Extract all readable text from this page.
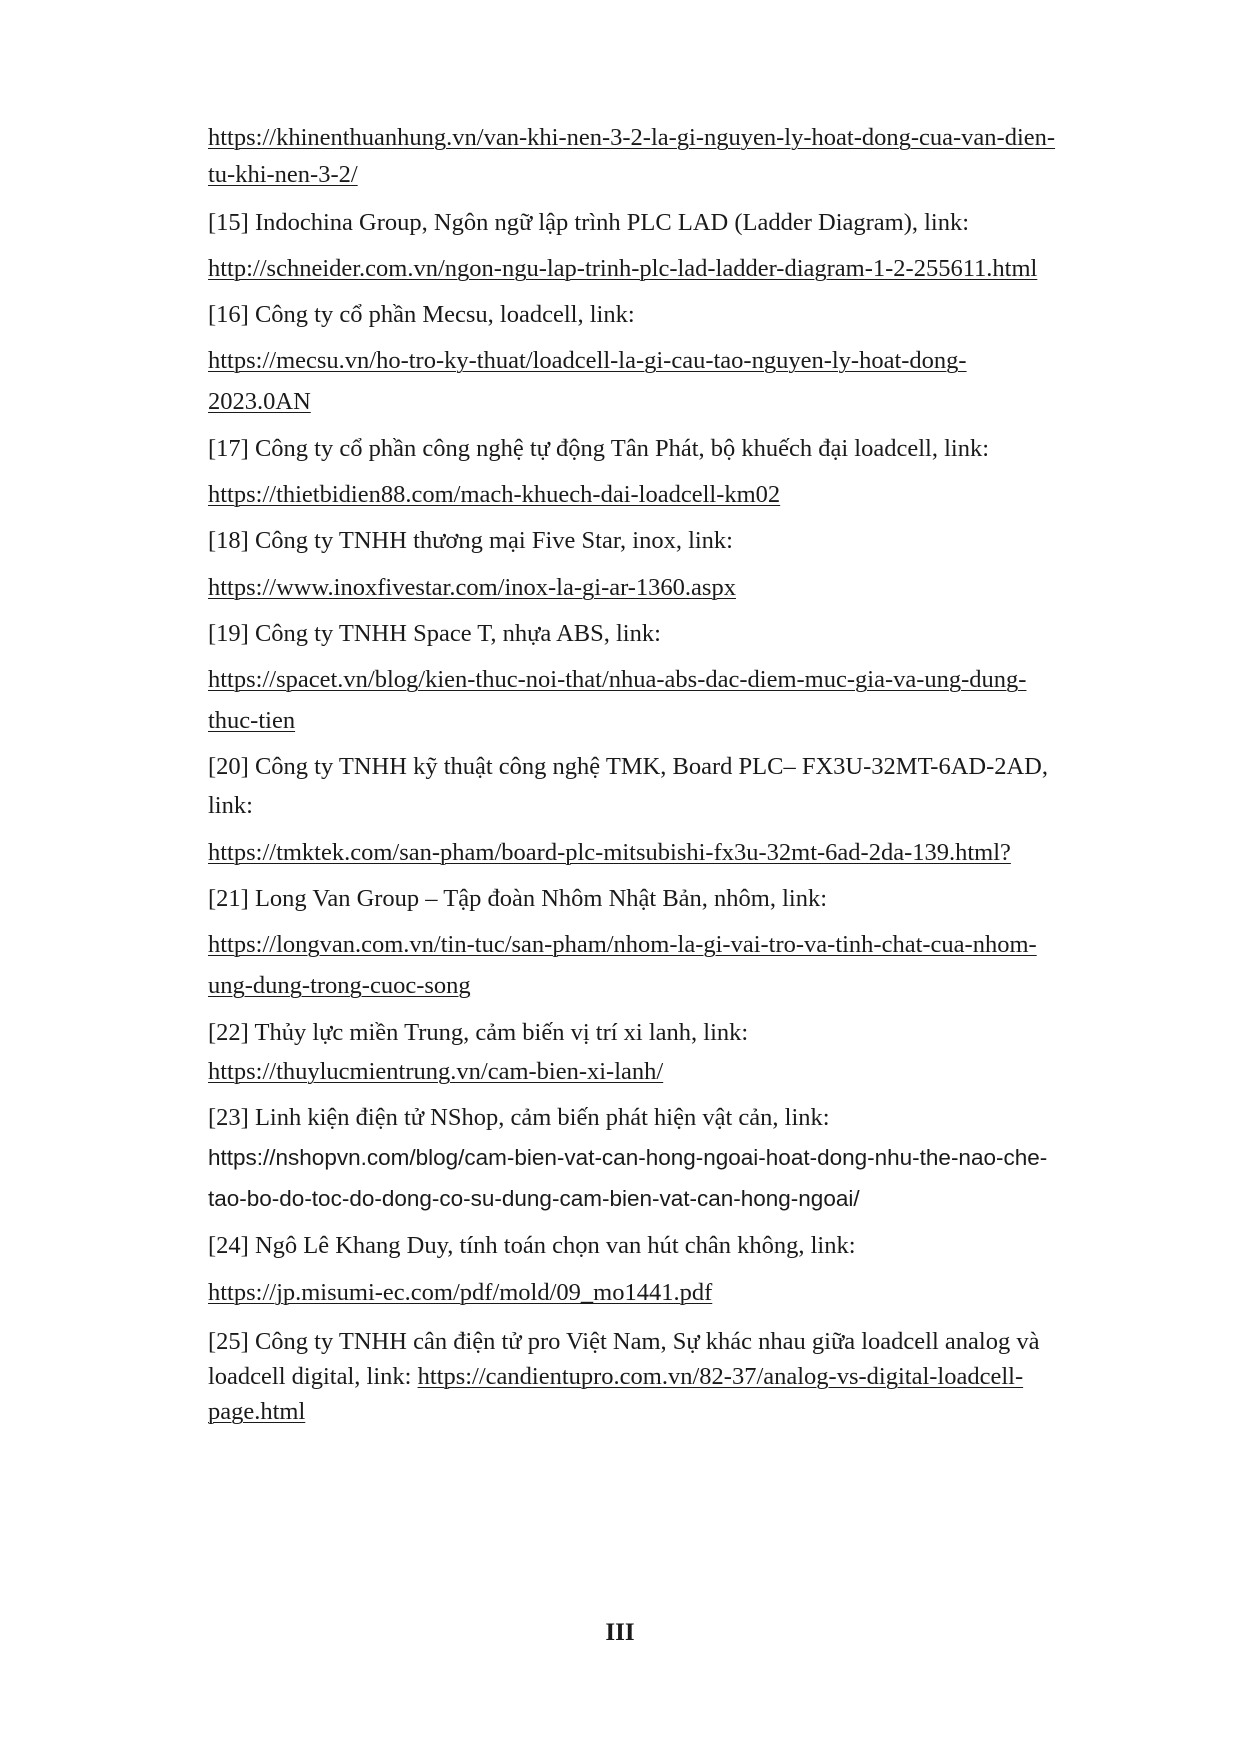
https://khinenthuanhung.vn/van-khi-nen-3-2-la-gi-nguyen-ly-hoat-dong-cua-van-dien-
tu-khi-nen-3-2/
[15] Indochina Group, Ngôn ngữ lập trình PLC LAD (Ladder Diagram), link:
http://schneider.com.vn/ngon-ngu-lap-trinh-plc-lad-ladder-diagram-1-2-255611.html
[16] Công ty cổ phần Mecsu, loadcell, link:
https://mecsu.vn/ho-tro-ky-thuat/loadcell-la-gi-cau-tao-nguyen-ly-hoat-dong-
2023.0AN
[17] Công ty cổ phần công nghệ tự động Tân Phát, bộ khuếch đại loadcell, link:
https://thietbidien88.com/mach-khuech-dai-loadcell-km02
[18] Công ty TNHH thương mại Five Star, inox, link:
https://www.inoxfivestar.com/inox-la-gi-ar-1360.aspx
[19] Công ty TNHH Space T, nhựa ABS, link:
https://spacet.vn/blog/kien-thuc-noi-that/nhua-abs-dac-diem-muc-gia-va-ung-dung-
thuc-tien
[20] Công ty TNHH kỹ thuật công nghệ TMK, Board PLC– FX3U-32MT-6AD-2AD,
link:
https://tmktek.com/san-pham/board-plc-mitsubishi-fx3u-32mt-6ad-2da-139.html?
[21] Long Van Group – Tập đoàn Nhôm Nhật Bản, nhôm, link:
https://longvan.com.vn/tin-tuc/san-pham/nhom-la-gi-vai-tro-va-tinh-chat-cua-nhom-
ung-dung-trong-cuoc-song
[22] Thủy lực miền Trung, cảm biến vị trí xi lanh, link:
https://thuylucmientrung.vn/cam-bien-xi-lanh/
[23] Linh kiện điện tử NShop, cảm biến phát hiện vật cản, link:
https://nshopvn.com/blog/cam-bien-vat-can-hong-ngoai-hoat-dong-nhu-the-nao-che-
tao-bo-do-toc-do-dong-co-su-dung-cam-bien-vat-can-hong-ngoai/
[24] Ngô Lê Khang Duy, tính toán chọn van hút chân không, link:
https://jp.misumi-ec.com/pdf/mold/09_mo1441.pdf
[25] Công ty TNHH cân điện tử pro Việt Nam, Sự khác nhau giữa loadcell analog và
loadcell digital, link: https://candientupro.com.vn/82-37/analog-vs-digital-loadcell-
page.html
III
